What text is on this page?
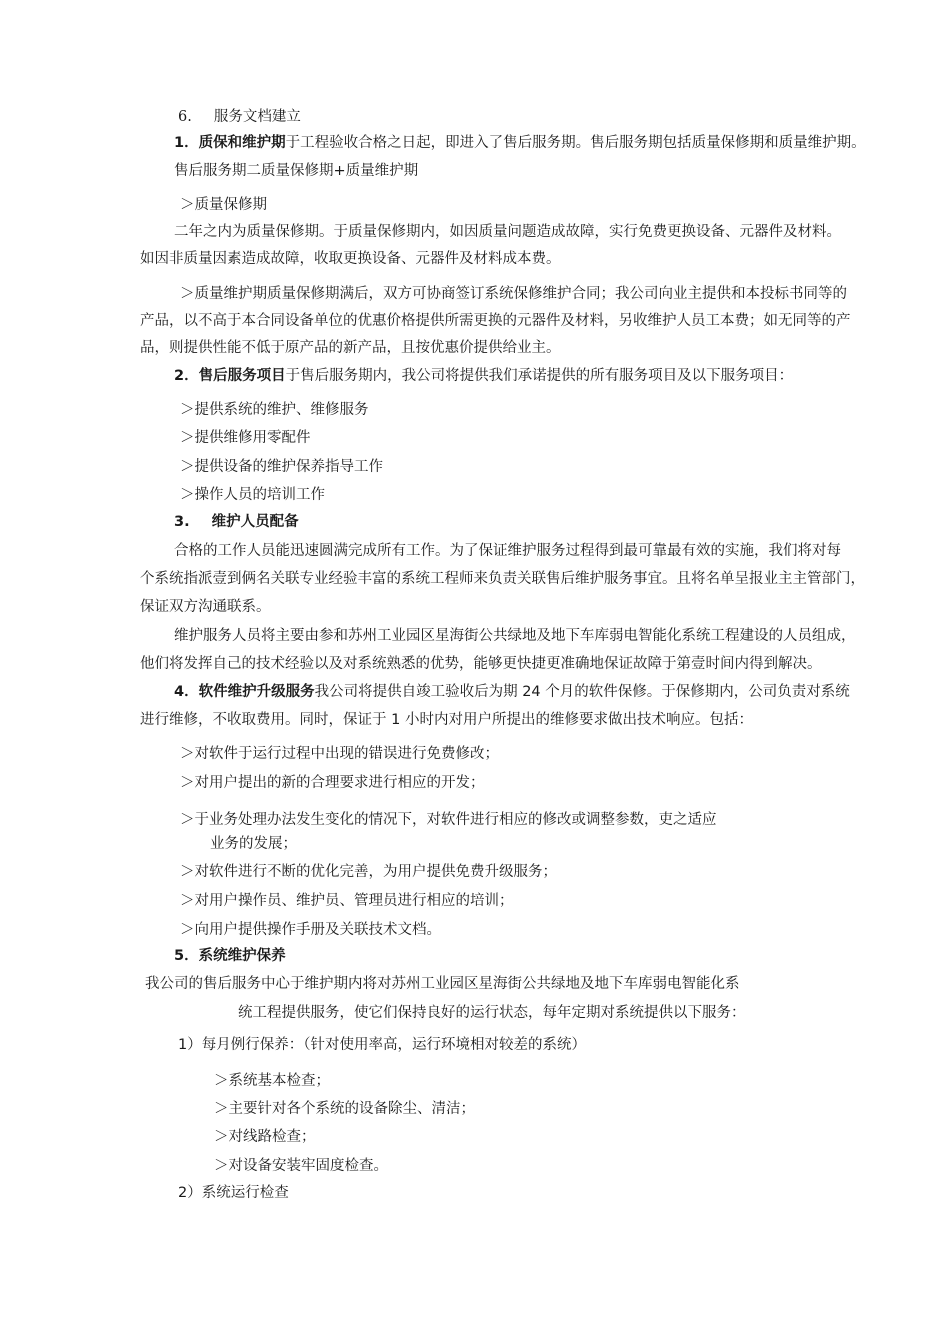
6. 服务文档建立
1．质保和维护期于工程验收合格之日起，即进入了售后服务期。售后服务期包括质量保修期和质量维护期。
售后服务期二质量保修期+质量维护期
＞质量保修期
二年之内为质量保修期。于质量保修期内，如因质量问题造成故障，实行免费更换设备、元器件及材料。
如因非质量因素造成故障，收取更换设备、元器件及材料成本费。
＞质量维护期质量保修期满后，双方可协商签订系统保修维护合同；我公司向业主提供和本投标书同等的
产品，以不高于本合同设备单位的优惠价格提供所需更换的元器件及材料，另收维护人员工本费；如无同等的产
品，则提供性能不低于原产品的新产品，且按优惠价提供给业主。
2．售后服务项目于售后服务期内，我公司将提供我们承诺提供的所有服务项目及以下服务项目：
＞提供系统的维护、维修服务
＞提供维修用零配件
＞提供设备的维护保养指导工作
＞操作人员的培训工作
3. 维护人员配备
合格的工作人员能迅速圆满完成所有工作。为了保证维护服务过程得到最可靠最有效的实施，我们将对每
个系统指派壹到俩名关联专业经验丰富的系统工程师来负责关联售后维护服务事宜。且将名单呈报业主主管部门，
保证双方沟通联系。
维护服务人员将主要由参和苏州工业园区星海街公共绿地及地下车库弱电智能化系统工程建设的人员组成，
他们将发挥自己的技术经验以及对系统熟悉的优势，能够更快捷更准确地保证故障于第壹时间内得到解决。
4．软件维护升级服务我公司将提供自竣工验收后为期 24 个月的软件保修。于保修期内，公司负责对系统
进行维修，不收取费用。同时，保证于 1 小时内对用户所提出的维修要求做出技术响应。包括：
＞对软件于运行过程中出现的错误进行免费修改；
＞对用户提出的新的合理要求进行相应的开发；
＞于业务处理办法发生变化的情况下，对软件进行相应的修改或调整参数，吏之适应
业务的发展；
＞对软件进行不断的优化完善，为用户提供免费升级服务；
＞对用户操作员、维护员、管理员进行相应的培训；
＞向用户提供操作手册及关联技术文档。
5．系统维护保养
我公司的售后服务中心于维护期内将对苏州工业园区星海街公共绿地及地下车库弱电智能化系
统工程提供服务，使它们保持良好的运行状态，每年定期对系统提供以下服务：
1）每月例行保养：（针对使用率高，运行环境相对较差的系统）
＞系统基本检查；
＞主要针对各个系统的设备除尘、清洁；
＞对线路检查；
＞对设备安装牢固度检查。
2）系统运行检查
